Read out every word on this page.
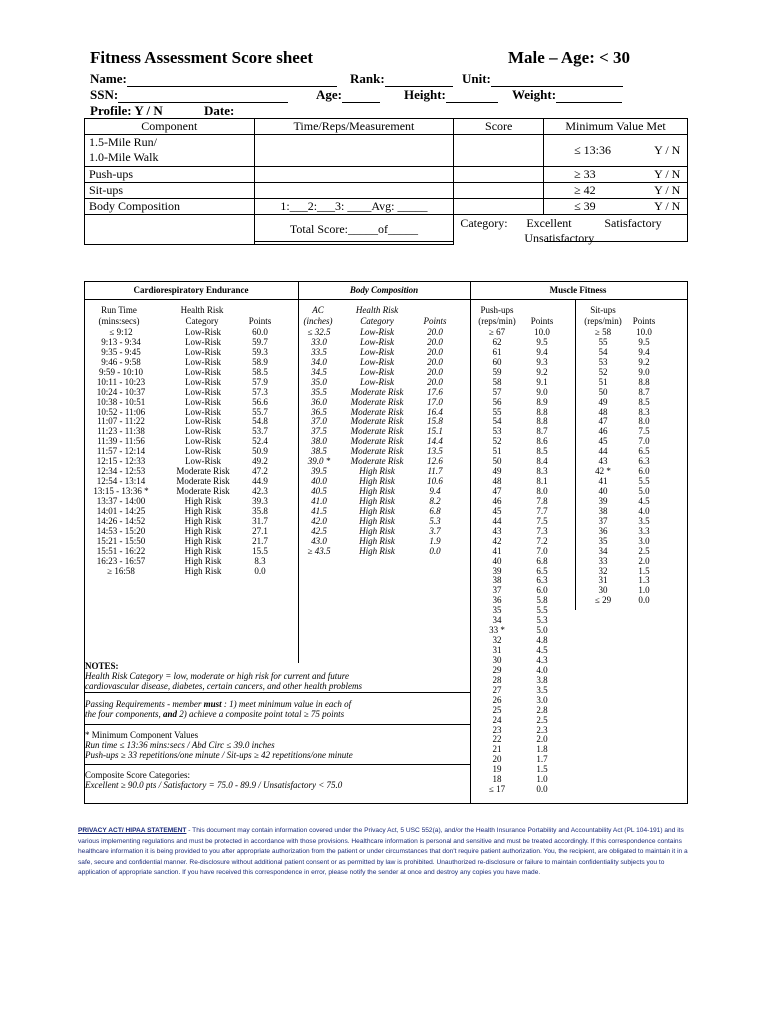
Fitness Assessment Score sheet	Male – Age: < 30
Name:	Rank:	Unit:
SSN:	Age:	Height:	Weight:
Profile: Y / N	Date:
Component	Time/Reps/Measurement	Score	Minimum Value Met

1.5-Mile Run/
1.0-Mile Walk			≤ 13:36 Y / N
Push-ups			≥ 33 Y / N
Sit-ups			≥ 42 Y / N
Body Composition	1:___2:___3: ____Avg: _____		≤ 39 Y / N
	Total Score:_____of_____	Category: Excellent Satisfactory
Unsatisfactory	
Cardiorespiratory Endurance	Body Composition	Muscle Fitness
Run Time
(mins:secs)
Health Risk
Category	Points
AC
(inches)
Health Risk
Category	Points
Push-ups
(reps/min)	Points
Sit-ups
(reps/min)	Points
≤ 9:12	Low-Risk	60.0
9:13 - 9:34	Low-Risk	59.7
9:35 - 9:45	Low-Risk	59.3
9:46 - 9:58	Low-Risk	58.9
9:59 - 10:10	Low-Risk	58.5
10:11 - 10:23	Low-Risk	57.9
10:24 - 10:37	Low-Risk	57.3
10:38 - 10:51	Low-Risk	56.6
10:52 - 11:06	Low-Risk	55.7
11:07 - 11:22	Low-Risk	54.8
11:23 - 11:38	Low-Risk	53.7
11:39 - 11:56	Low-Risk	52.4
11:57 - 12:14	Low-Risk	50.9
12:15 - 12:33	Low-Risk	49.2
12:34 - 12:53	Moderate Risk	47.2
12:54 - 13:14	Moderate Risk	44.9
13:15 - 13:36 *	Moderate Risk	42.3
13:37 - 14:00	High Risk	39.3
14:01 - 14:25	High Risk	35.8
14:26 - 14:52	High Risk	31.7
14:53 - 15:20	High Risk	27.1
15:21 - 15:50	High Risk	21.7
15:51 - 16:22	High Risk	15.5
16:23 - 16:57	High Risk	8.3
≥ 16:58	High Risk	0.0
≤ 32.5	Low-Risk	20.0
33.0	Low-Risk	20.0
33.5	Low-Risk	20.0
34.0	Low-Risk	20.0
34.5	Low-Risk	20.0
35.0	Low-Risk	20.0
35.5	Moderate Risk	17.6
36.0	Moderate Risk	17.0
36.5	Moderate Risk	16.4
37.0	Moderate Risk	15.8
37.5	Moderate Risk	15.1
38.0	Moderate Risk	14.4
38.5	Moderate Risk	13.5
39.0 *	Moderate Risk	12.6
39.5	High Risk	11.7
40.0	High Risk	10.6
40.5	High Risk	9.4
41.0	High Risk	8.2
41.5	High Risk	6.8
42.0	High Risk	5.3
42.5	High Risk	3.7
43.0	High Risk	1.9
≥ 43.5	High Risk	0.0
≥ 67	10.0
62	9.5
61	9.4
60	9.3
59	9.2
58	9.1
57	9.0
56	8.9
55	8.8
54	8.8
53	8.7
52	8.6
51	8.5
50	8.4
49	8.3
48	8.1
47	8.0
46	7.8
45	7.7
44	7.5
43	7.3
42	7.2
41	7.0
40	6.8
39	6.5
38	6.3
37	6.0
36	5.8
35	5.5
34	5.3
33 *	5.0
32	4.8
31	4.5
30	4.3
29	4.0
28	3.8
27	3.5
26	3.0
25	2.8
24	2.5
23	2.3
22	2.0
21	1.8
20	1.7
19	1.5
18	1.0
≤ 17	0.0
≥ 58	10.0
55	9.5
54	9.4
53	9.2
52	9.0
51	8.8
50	8.7
49	8.5
48	8.3
47	8.0
46	7.5
45	7.0
44	6.5
43	6.3
42 *	6.0
41	5.5
40	5.0
39	4.5
38	4.0
37	3.5
36	3.3
35	3.0
34	2.5
33	2.0
32	1.5
31	1.3
30	1.0
≤ 29	0.0
NOTES:
Health Risk Category = low, moderate or high risk for current and future
cardiovascular disease, diabetes, certain cancers, and other health problems
Passing Requirements - member must : 1) meet minimum value in each of
the four components, and 2) achieve a composite point total ≥ 75 points
* Minimum Component Values
Run time ≤ 13:36 mins:secs / Abd Circ ≤ 39.0 inches
Push-ups ≥ 33 repetitions/one minute / Sit-ups ≥ 42 repetitions/one minute
Composite Score Categories:
Excellent ≥ 90.0 pts / Satisfactory = 75.0 - 89.9 / Unsatisfactory < 75.0
PRIVACY ACT/ HIPAA STATEMENT - This document may contain information covered under the Privacy Act, 5 USC 552(a), and/or the Health Insurance Portability and Accountability Act (PL 104-191) and its various implementing regulations and must be protected in accordance with those provisions. Healthcare information is personal and sensitive and must be treated accordingly. If this correspondence contains healthcare information it is being provided to you after appropriate authorization from the patient or under circumstances that don't require patient authorization. You, the recipient, are obligated to maintain it in a safe, secure and confidential manner. Re-disclosure without additional patient consent or as permitted by law is prohibited. Unauthorized re-disclosure or failure to maintain confidentiality subjects you to application of appropriate sanction. If you have received this correspondence in error, please notify the sender at once and destroy any copies you have made.
